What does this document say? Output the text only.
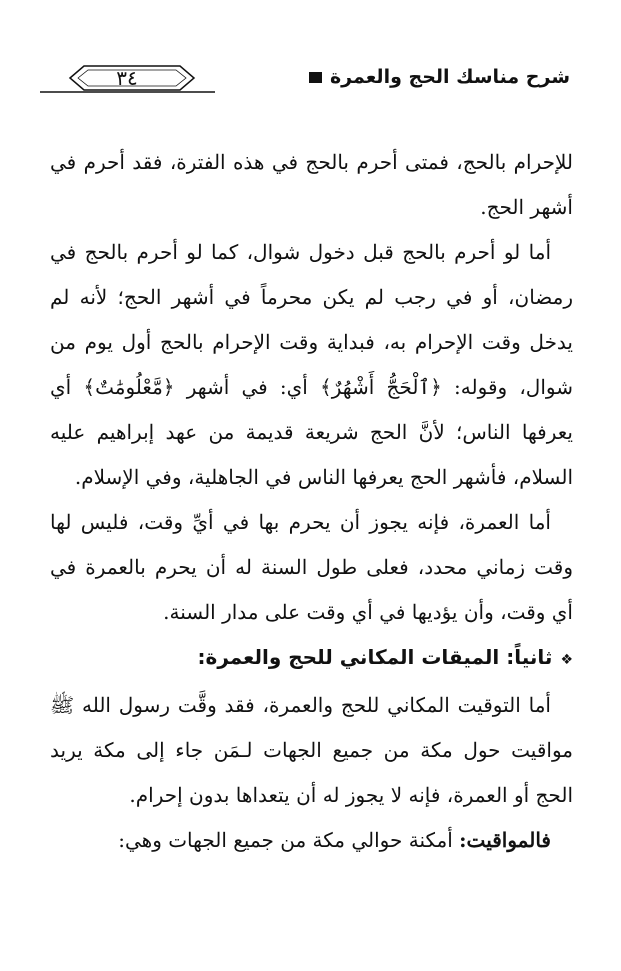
٣٤	شرح مناسك الحج والعمرة

للإحرام بالحج، فمتى أحرم بالحج في هذه الفترة، فقد أحرم في أشهر الحج.

أما لو أحرم بالحج قبل دخول شوال، كما لو أحرم بالحج في رمضان، أو في رجب لم يكن محرماً في أشهر الحج؛ لأنه لم يدخل وقت الإحرام به، فبداية وقت الإحرام بالحج أول يوم من شوال، وقوله: ﴿ٱلْحَجُّ أَشْهُرٌ﴾ أي: في أشهر ﴿مَّعْلُومَٰتٌ﴾ أي يعرفها الناس؛ لأنَّ الحج شريعة قديمة من عهد إبراهيم عليه السلام، فأشهر الحج يعرفها الناس في الجاهلية، وفي الإسلام.

أما العمرة، فإنه يجوز أن يحرم بها في أيِّ وقت، فليس لها وقت زماني محدد، فعلى طول السنة له أن يحرم بالعمرة في أي وقت، وأن يؤديها في أي وقت على مدار السنة.

❖ثانياً: الميقات المكاني للحج والعمرة:

أما التوقيت المكاني للحج والعمرة، فقد وقَّت رسول الله ﷺ مواقيت حول مكة من جميع الجهات لـمَن جاء إلى مكة يريد الحج أو العمرة، فإنه لا يجوز له أن يتعداها بدون إحرام.

فالمواقيت: أمكنة حوالي مكة من جميع الجهات وهي:
